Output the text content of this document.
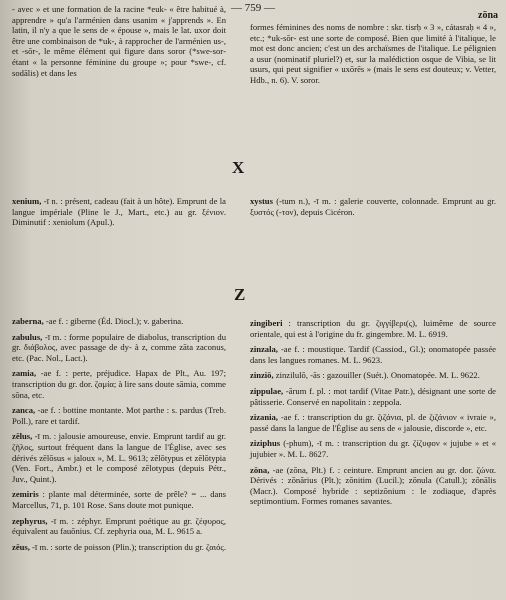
— 759 —
zōna

‑ avec » et une formation de la racine *euk‑ « être habitué à, apprendre » qu'a l'arménien dans usanim « j'apprends ». En latin, il n'y a que le sens de « épouse », mais le lat. uxor doit être une combinaison de *uk‑, à rapprocher de l'arménien us‑, et ‑sōr‑, le même élément qui figure dans soror (*swe‑sor‑ étant « la personne féminine du groupe »; pour *swe‑, cf. sodālis) et dans les

formes féminines des noms de nombre : skr. tisrḥ « 3 », cátasraḥ « 4 », etc.; *uk‑sōr‑ est une sorte de composé. Bien que limité à l'italique, le mot est donc ancien; c'est un des archaïsmes de l'italique. Le pélignien a usur (nominatif pluriel?) et, sur la malédiction osque de Vibia, se lit usurs, qui peut signifier « uxōrēs » (mais le sens est douteux; v. Vetter, Hdb., n. 6). V. soror.

X

xenium, ‑ī n. : présent, cadeau (fait à un hôte). Emprunt de la langue impériale (Pline le J., Mart., etc.) au gr. ξένιον. Diminutif : xeniolum (Apul.).

xystus (‑tum n.), ‑ī m. : galerie couverte, colonnade. Emprunt au gr. ξυστός (‑τον), depuis Cicéron.

Z

zaberna, ‑ae f. : giberne (Éd. Diocl.); v. gaberina.

zabulus, ‑ī m. : forme populaire de diabolus, transcription du gr. διάβολος, avec passage de dy‑ à z, comme zāta zaconus, etc. (Pac. Nol., Lact.).

zamia, ‑ae f. : perte, préjudice. Hapax de Plt., Au. 197; transcription du gr. dor. ζαμία; à lire sans doute sāmia, comme sōna, etc.

zanca, ‑ae f. : bottine montante. Mot parthe : s. pardus (Treb. Poll.), rare et tardif.

zēlus, ‑ī m. : jalousie amoureuse, envie. Emprunt tardif au gr. ζῆλος, surtout fréquent dans la langue de l'Église, avec ses dérivés zēlōsus « jaloux », M. L. 9613; zēlōtypus et zēlōtypia (Ven. Fort., Ambr.) et le composé zēlotypus (depuis Pétr., Juv., Quint.).

zemiris : plante mal déterminée, sorte de prêle? = ... dans Marcellus, 71, p. 101 Rose. Sans doute mot punique.

zephyrus, ‑ī m. : zéphyr. Emprunt poétique au gr. ζέφυρος, équivalent au fauōnius. Cf. zephyria oua, M. L. 9615 a.

zēus, ‑ī m. : sorte de poisson (Plin.); transcription du gr. ζαιός.

zingiberi : transcription du gr. ζιγγίβερι(ς), luimême de source orientale, qui est à l'origine du fr. gingembre. M. L. 6919.

zinzala, ‑ae f. : moustique. Tardif (Cassiod., Gl.); onomatopée passée dans les langues romanes. M. L. 9623.

zinziō, zinzilulō, ‑ās : gazouiller (Suét.). Onomatopée. M. L. 9622.

zippulae, ‑ārum f. pl. : mot tardif (Vitae Patr.), désignant une sorte de pâtisserie. Conservé en napolitain : zeppola.

zizania, ‑ae f. : transcription du gr. ζιζάνια, pl. de ζιζάνιον « ivraie », passé dans la langue de l'Église au sens de « jalousie, discorde », etc.

ziziphus (‑phum), ‑ī m. : transcription du gr. ζίζυφον « jujube » et « jujubier ». M. L. 8627.

zōna, ‑ae (zōna, Plt.) f. : ceinture. Emprunt ancien au gr. dor. ζώνα. Dérivés : zōnārius (Plt.); zōnitim (Lucil.); zōnula (Catull.); zōnālis (Macr.). Composé hybride : septizōnium : le zodiaque, d'après septimontium. Formes romanes savantes.
